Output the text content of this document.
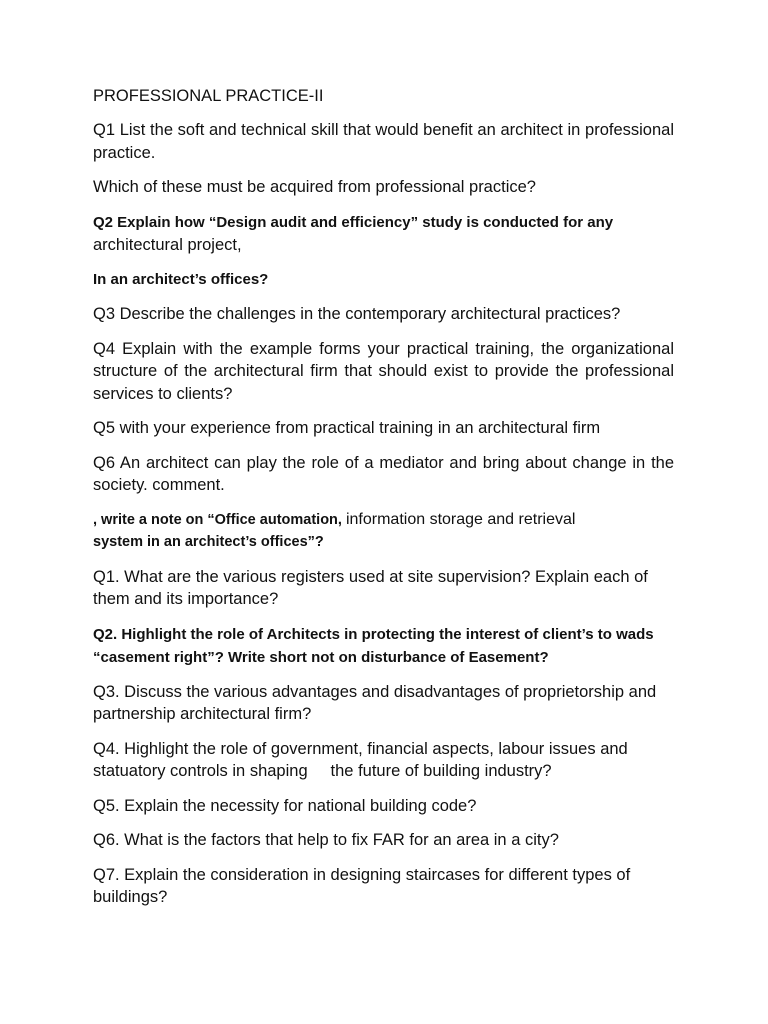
PROFESSIONAL PRACTICE-II
Q1 List the soft and technical skill that would benefit an architect in professional practice.
Which of these must be acquired from professional practice?
Q2 Explain how “Design audit and efficiency” study is conducted for any
architectural project,
In an architect’s offices?
Q3 Describe the challenges in the contemporary architectural practices?
Q4 Explain with the example forms your practical training, the organizational structure of the architectural firm that should exist to provide the professional services to clients?
Q5 with your experience from practical training in an architectural firm
Q6 An architect can play the role of a mediator and bring about change in the society. comment.
, write a note on “Office automation, information storage and retrieval
system in an architect’s offices”?
Q1. What are the various registers used at site supervision? Explain each of them and its importance?
Q2. Highlight the role of Architects in protecting the interest of client’s to wads “casement right”? Write short not on disturbance of Easement?
Q3. Discuss the various advantages and disadvantages of proprietorship and partnership architectural firm?
Q4. Highlight the role of government, financial aspects, labour issues and statuatory controls in shaping     the future of building industry?
Q5. Explain the necessity for national building code?
Q6. What is the factors that help to fix FAR for an area in a city?
Q7. Explain the consideration in designing staircases for different types of buildings?
